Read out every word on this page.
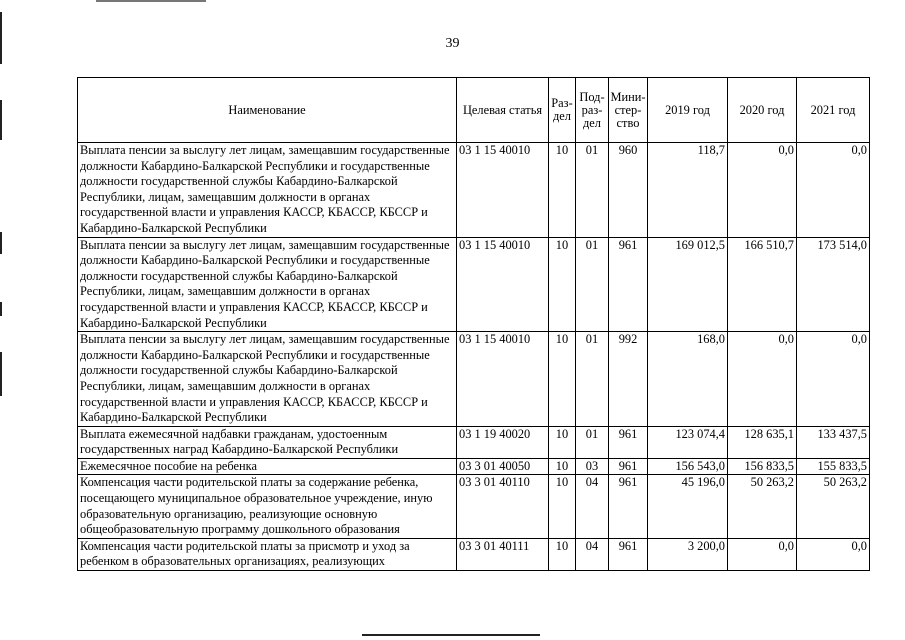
39
Наименование	Целевая статья	Раз-дел	Под-раз-дел	Мини-стер-ство	2019 год	2020 год	2021 год
Выплата пенсии за выслугу лет лицам, замещавшим государственные должности Кабардино-Балкарской Республики и государственные должности государственной службы Кабардино-Балкарской Республики, лицам, замещавшим должности в органах государственной власти и управления КАССР, КБАССР, КБССР и Кабардино-Балкарской Республики	03 1 15 40010	10	01	960	118,7	0,0	0,0
Выплата пенсии за выслугу лет лицам, замещавшим государственные должности Кабардино-Балкарской Республики и государственные должности государственной службы Кабардино-Балкарской Республики, лицам, замещавшим должности в органах государственной власти и управления КАССР, КБАССР, КБССР и Кабардино-Балкарской Республики	03 1 15 40010	10	01	961	169 012,5	166 510,7	173 514,0
Выплата пенсии за выслугу лет лицам, замещавшим государственные должности Кабардино-Балкарской Республики и государственные должности государственной службы Кабардино-Балкарской Республики, лицам, замещавшим должности в органах государственной власти и управления КАССР, КБАССР, КБССР и Кабардино-Балкарской Республики	03 1 15 40010	10	01	992	168,0	0,0	0,0
Выплата ежемесячной надбавки гражданам, удостоенным государственных наград Кабардино-Балкарской Республики	03 1 19 40020	10	01	961	123 074,4	128 635,1	133 437,5
Ежемесячное пособие на ребенка	03 3 01 40050	10	03	961	156 543,0	156 833,5	155 833,5
Компенсация части родительской платы за содержание ребенка, посещающего муниципальное образовательное учреждение, иную образовательную организацию, реализующие основную общеобразовательную программу дошкольного образования	03 3 01 40110	10	04	961	45 196,0	50 263,2	50 263,2
Компенсация части родительской платы за присмотр и уход за ребенком в образовательных организациях, реализующих	03 3 01 40111	10	04	961	3 200,0	0,0	0,0
